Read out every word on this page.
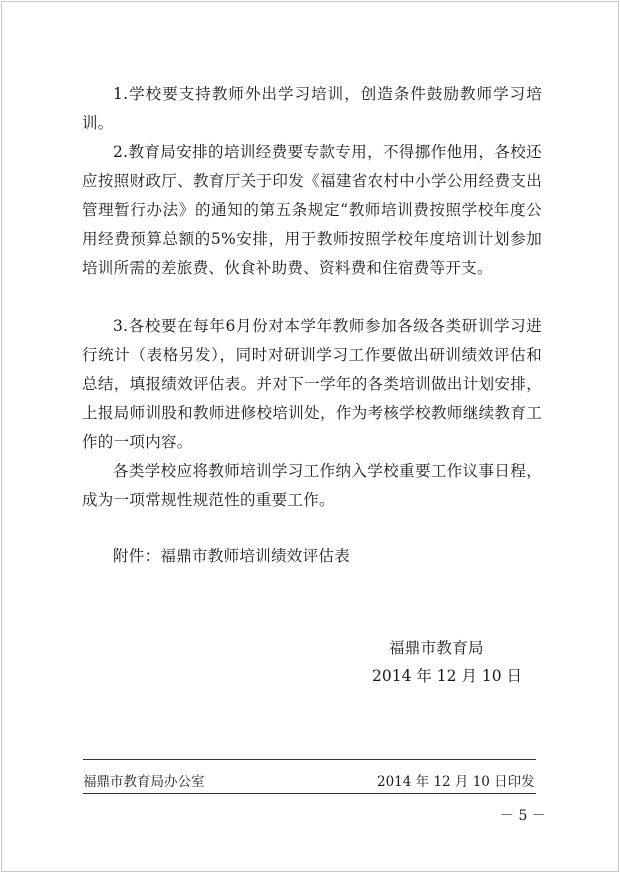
1.学校要支持教师外出学习培训，创造条件鼓励教师学习培训。

2.教育局安排的培训经费要专款专用，不得挪作他用，各校还应按照财政厅、教育厅关于印发《福建省农村中小学公用经费支出管理暂行办法》的通知的第五条规定“教师培训费按照学校年度公用经费预算总额的5%安排，用于教师按照学校年度培训计划参加培训所需的差旅费、伙食补助费、资料费和住宿费等开支。

3.各校要在每年6月份对本学年教师参加各级各类研训学习进行统计（表格另发），同时对研训学习工作要做出研训绩效评估和总结，填报绩效评估表。并对下一学年的各类培训做出计划安排，上报局师训股和教师进修校培训处，作为考核学校教师继续教育工作的一项内容。

各类学校应将教师培训学习工作纳入学校重要工作议事日程，成为一项常规性规范性的重要工作。

附件：福鼎市教师培训绩效评估表
福鼎市教育局
2014 年 12 月 10 日
福鼎市教育局办公室	2014 年 12 月 10 日印发
－ 5 －
